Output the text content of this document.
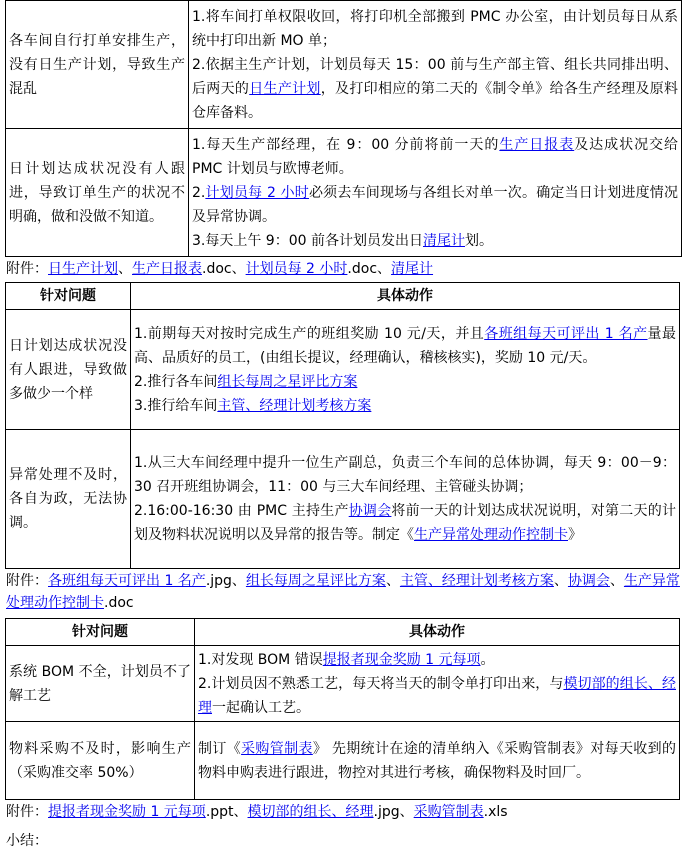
各车间自行打单安排生产，没有日生产计划，导致生产混乱	1.将车间打单权限收回，将打印机全部搬到 PMC 办公室，由计划员每日从系统中打印出新 MO 单；
2.依据主生产计划，计划员每天 15：00 前与生产部主管、组长共同排出明、后两天的日生产计划，及打印相应的第二天的《制令单》给各生产经理及原料仓库备料。

日计划达成状况没有人跟进，导致订单生产的状况不明确，做和没做不知道。	1.每天生产部经理，在 9：00 分前将前一天的生产日报表及达成状况交给 PMC 计划员与欧博老师。
2.计划员每 2 小时必须去车间现场与各组长对单一次。确定当日计划进度情况及异常协调。
3.每天上午 9：00 前各计划员发出日清尾计划。
附件：日生产计划、生产日报表.doc、计划员每 2 小时.doc、清尾计
针对问题	具体动作
日计划达成状况没有人跟进，导致做多做少一个样	1.前期每天对按时完成生产的班组奖励 10 元/天，并且各班组每天可评出 1 名产量最高、品质好的员工，(由组长提议，经理确认，稽核核实)，奖励 10 元/天。
2.推行各车间组长每周之星评比方案
3.推行给车间主管、经理计划考核方案

异常处理不及时，各自为政，无法协调。	1.从三大车间经理中提升一位生产副总，负责三个车间的总体协调，每天 9：00－9：30 召开班组协调会，11：00 与三大车间经理、主管碰头协调；
2.16:00-16:30 由 PMC 主持生产协调会将前一天的计划达成状况说明，对第二天的计划及物料状况说明以及异常的报告等。制定《生产异常处理动作控制卡》
附件：各班组每天可评出 1 名产.jpg、组长每周之星评比方案、主管、经理计划考核方案、协调会、生产异常处理动作控制卡.doc
针对问题	具体动作
系统 BOM 不全，计划员不了解工艺	1.对发现 BOM 错误提报者现金奖励 1 元每项。
2.计划员因不熟悉工艺，每天将当天的制令单打印出来，与模切部的组长、经理一起确认工艺。

物料采购不及时，影响生产（采购准交率 50%）	制订《采购管制表》 先期统计在途的清单纳入《采购管制表》对每天收到的物料申购表进行跟进，物控对其进行考核，确保物料及时回厂。
附件：提报者现金奖励 1 元每项.ppt、模切部的组长、经理.jpg、采购管制表.xls
小结：
